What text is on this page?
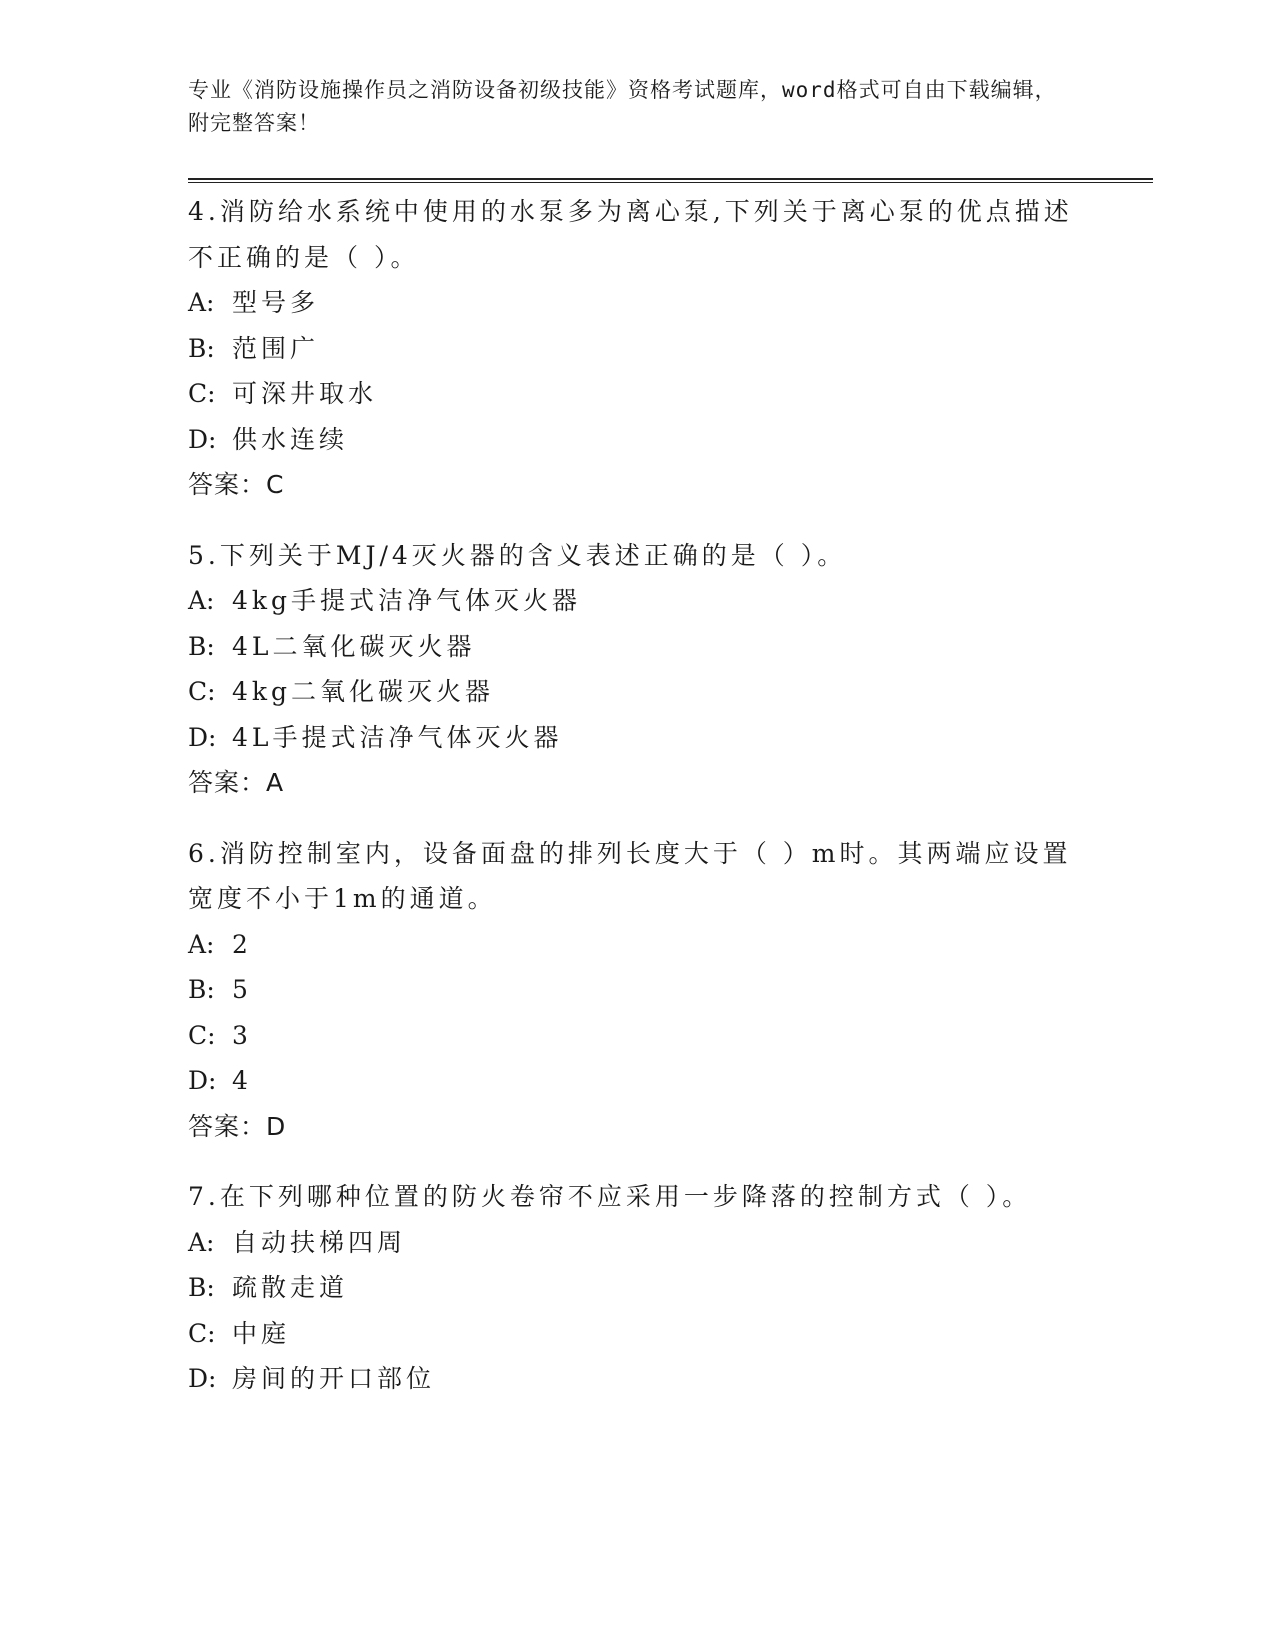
专业《消防设施操作员之消防设备初级技能》资格考试题库，word格式可自由下载编辑，附完整答案！

4.消防给水系统中使用的水泵多为离心泵,下列关于离心泵的优点描述不正确的是（ ）。

A: 型号多

B: 范围广

C: 可深井取水

D: 供水连续

答案：C

5.下列关于MJ/4灭火器的含义表述正确的是（ ）。

A: 4kg手提式洁净气体灭火器

B: 4L二氧化碳灭火器

C: 4kg二氧化碳灭火器

D: 4L手提式洁净气体灭火器

答案：A

6.消防控制室内，设备面盘的排列长度大于（ ）m时。其两端应设置宽度不小于1m的通道。

A: 2

B: 5

C: 3

D: 4

答案：D

7.在下列哪种位置的防火卷帘不应采用一步降落的控制方式（ ）。

A: 自动扶梯四周

B: 疏散走道

C: 中庭

D: 房间的开口部位
